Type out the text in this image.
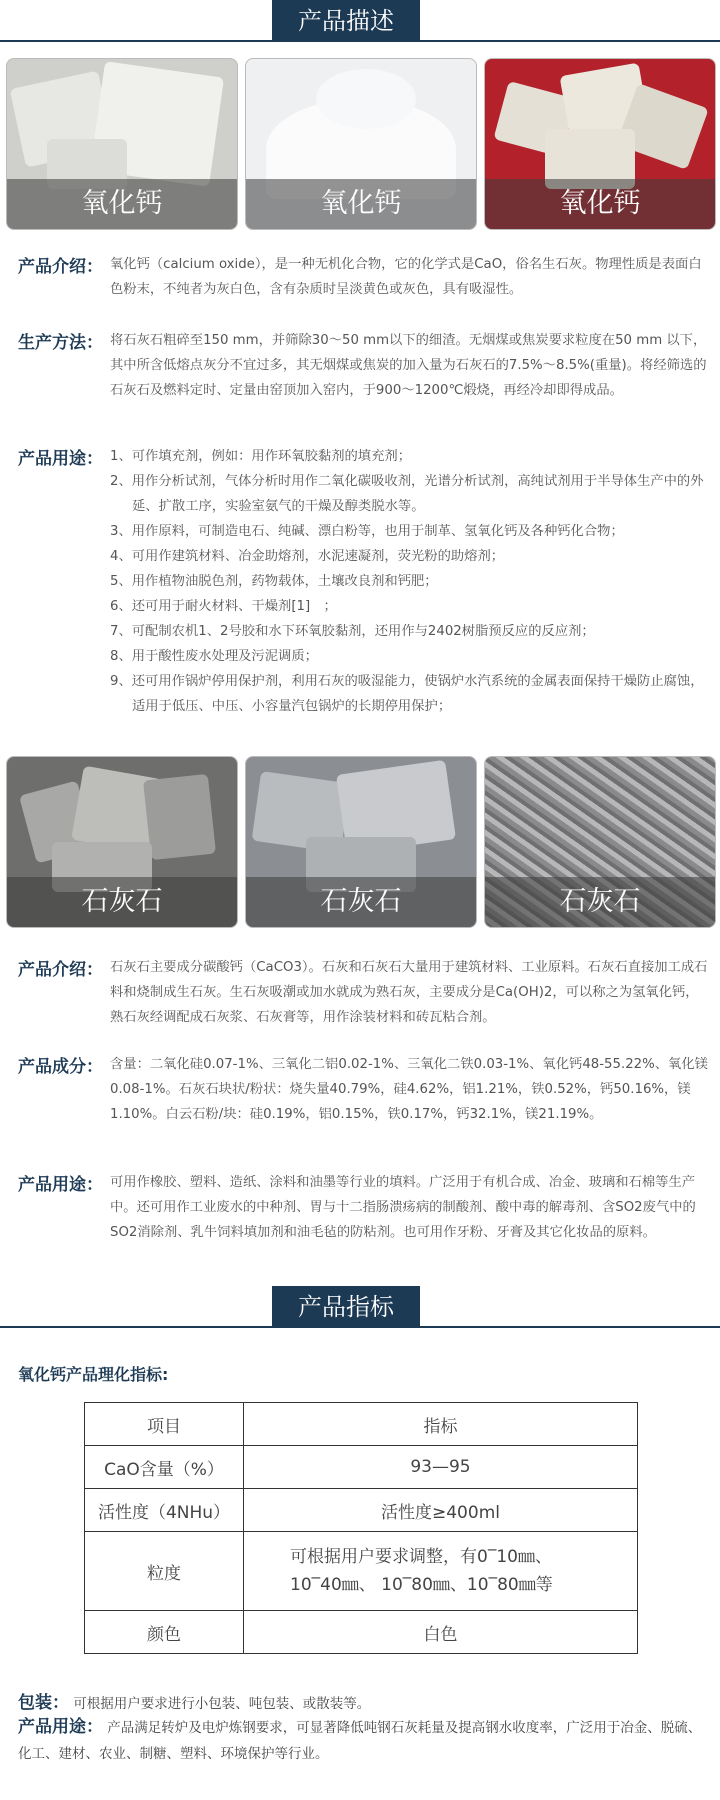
产品描述
氧化钙	氧化钙	氧化钙
产品介绍： 氧化钙（calcium oxide），是一种无机化合物，它的化学式是CaO，俗名生石灰。物理性质是表面白色粉末，不纯者为灰白色，含有杂质时呈淡黄色或灰色，具有吸湿性。
生产方法： 将石灰石粗碎至150 mm，并筛除30～50 mm以下的细渣。无烟煤或焦炭要求粒度在50 mm 以下，其中所含低熔点灰分不宜过多，其无烟煤或焦炭的加入量为石灰石的7.5%～8.5%(重量)。将经筛选的石灰石及燃料定时、定量由窑顶加入窑内，于900～1200℃煅烧，再经冷却即得成品。
产品用途： 1、可作填充剂，例如：用作环氧胶黏剂的填充剂；
2、用作分析试剂，气体分析时用作二氧化碳吸收剂，光谱分析试剂，高纯试剂用于半导体生产中的外延、扩散工序，实验室氨气的干燥及醇类脱水等。
3、用作原料，可制造电石、纯碱、漂白粉等，也用于制革、氢氧化钙及各种钙化合物；
4、可用作建筑材料、冶金助熔剂，水泥速凝剂，荧光粉的助熔剂；
5、用作植物油脱色剂，药物载体，土壤改良剂和钙肥；
6、还可用于耐火材料、干燥剂[1]　；
7、可配制农机1、2号胶和水下环氧胶黏剂，还用作与2402树脂预反应的反应剂；
8、用于酸性废水处理及污泥调质；
9、还可用作锅炉停用保护剂，利用石灰的吸湿能力，使锅炉水汽系统的金属表面保持干燥防止腐蚀，适用于低压、中压、小容量汽包锅炉的长期停用保护；
石灰石	石灰石	石灰石
产品介绍： 石灰石主要成分碳酸钙（CaCO3）。石灰和石灰石大量用于建筑材料、工业原料。石灰石直接加工成石料和烧制成生石灰。生石灰吸潮或加水就成为熟石灰，主要成分是Ca(OH)2，可以称之为氢氧化钙，熟石灰经调配成石灰浆、石灰膏等，用作涂装材料和砖瓦粘合剂。
产品成分： 含量：二氧化硅0.07-1%、三氧化二铝0.02-1%、三氧化二铁0.03-1%、氧化钙48-55.22%、氧化镁0.08-1%。石灰石块状/粉状：烧失量40.79%，硅4.62%，铝1.21%，铁0.52%，钙50.16%，镁1.10%。白云石粉/块：硅0.19%，铝0.15%，铁0.17%，钙32.1%，镁21.19%。
产品用途： 可用作橡胶、塑料、造纸、涂料和油墨等行业的填料。广泛用于有机合成、冶金、玻璃和石棉等生产中。还可用作工业废水的中种剂、胃与十二指肠溃疡病的制酸剂、酸中毒的解毒剂、含SO2废气中的SO2消除剂、乳牛饲料填加剂和油毛毡的防粘剂。也可用作牙粉、牙膏及其它化妆品的原料。
产品指标
氧化钙产品理化指标:
项目	指标
CaO含量（%）	93—95
活性度（4NHu）	活性度≥400ml
粒度	可根据用户要求调整，有0‾10㎜、10‾40㎜、 10‾80㎜、10‾80㎜等
颜色	白色
包装： 可根据用户要求进行小包装、吨包装、或散装等。
产品用途： 产品满足转炉及电炉炼钢要求，可显著降低吨钢石灰耗量及提高钢水收度率，广泛用于冶金、脱硫、化工、建材、农业、制糖、塑料、环境保护等行业。
